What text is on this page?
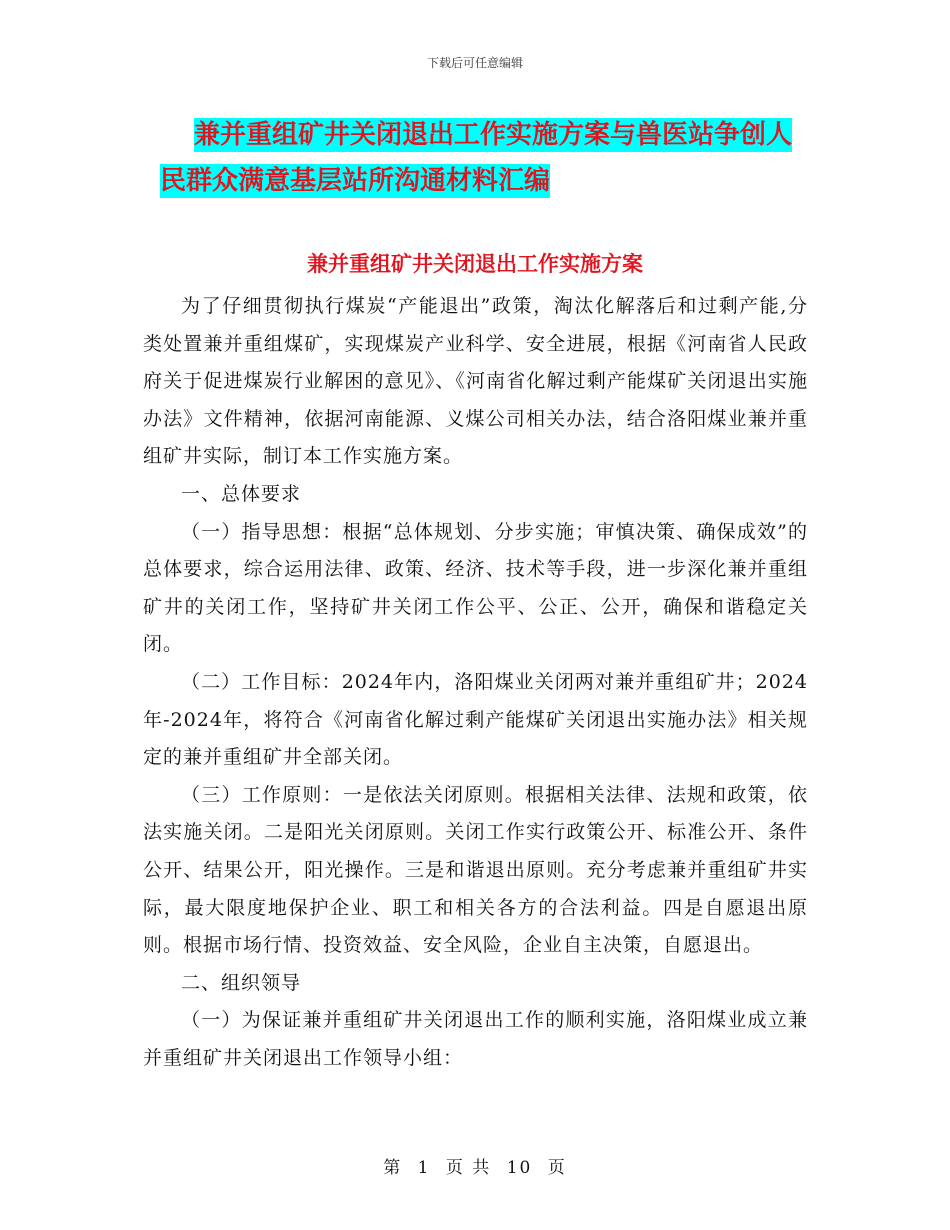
下载后可任意编辑
兼并重组矿井关闭退出工作实施方案与兽医站争创人
民群众满意基层站所沟通材料汇编
兼并重组矿井关闭退出工作实施方案

为了仔细贯彻执行煤炭“产能退出”政策，淘汰化解落后和过剩产能,分类处置兼并重组煤矿，实现煤炭产业科学、安全进展，根据《河南省人民政府关于促进煤炭行业解困的意见》、《河南省化解过剩产能煤矿关闭退出实施办法》文件精神，依据河南能源、义煤公司相关办法，结合洛阳煤业兼并重组矿井实际，制订本工作实施方案。

一、总体要求

（一）指导思想：根据“总体规划、分步实施；审慎决策、确保成效”的总体要求，综合运用法律、政策、经济、技术等手段，进一步深化兼并重组矿井的关闭工作，坚持矿井关闭工作公平、公正、公开，确保和谐稳定关闭。

（二）工作目标：2024年内，洛阳煤业关闭两对兼并重组矿井；2024年-2024年，将符合《河南省化解过剩产能煤矿关闭退出实施办法》相关规定的兼并重组矿井全部关闭。

（三）工作原则：一是依法关闭原则。根据相关法律、法规和政策，依法实施关闭。二是阳光关闭原则。关闭工作实行政策公开、标准公开、条件公开、结果公开，阳光操作。三是和谐退出原则。充分考虑兼并重组矿井实际，最大限度地保护企业、职工和相关各方的合法利益。四是自愿退出原则。根据市场行情、投资效益、安全风险，企业自主决策，自愿退出。

二、组织领导

（一）为保证兼并重组矿井关闭退出工作的顺利实施，洛阳煤业成立兼并重组矿井关闭退出工作领导小组：

第 1 页 共 10 页
